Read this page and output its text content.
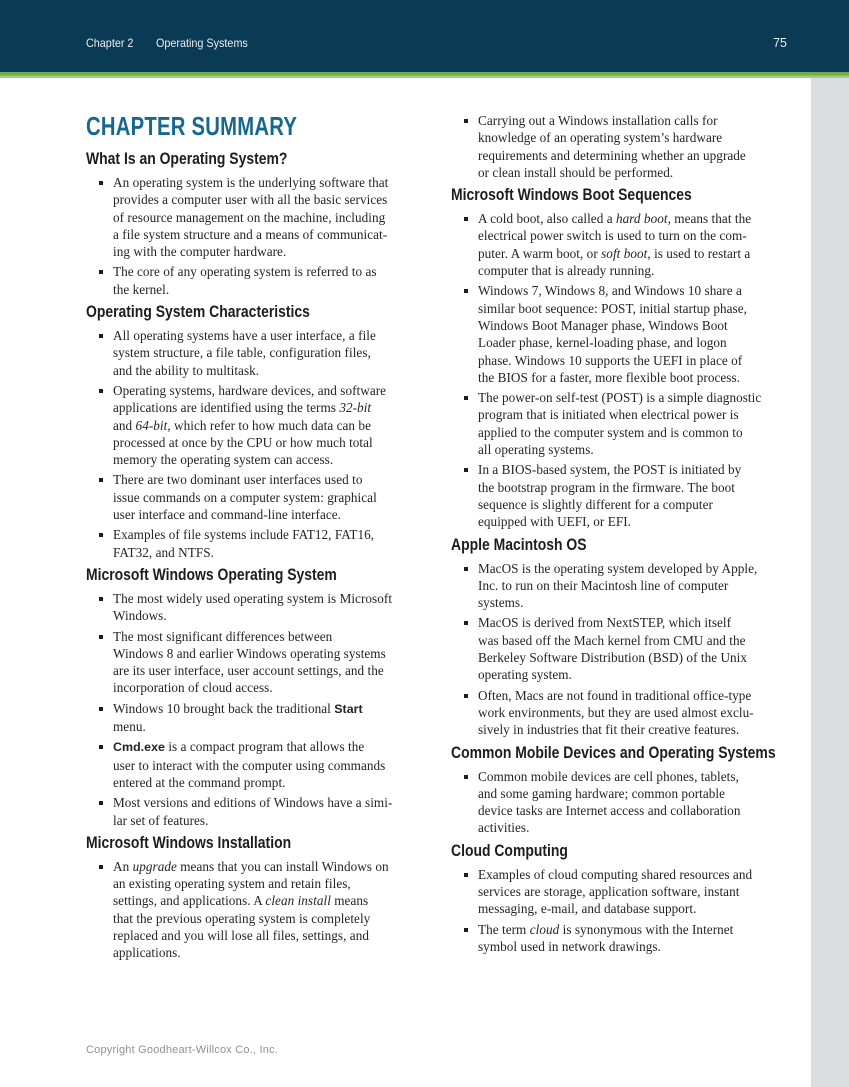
Chapter 2 Operating Systems	75
CHAPTER SUMMARY
What Is an Operating System?
An operating system is the underlying software that
provides a computer user with all the basic services
of resource management on the machine, including
a file system structure and a means of communicat-
ing with the computer hardware.
The core of any operating system is referred to as
the kernel.
Operating System Characteristics
All operating systems have a user interface, a file
system structure, a file table, configuration files,
and the ability to multitask.
Operating systems, hardware devices, and software
applications are identified using the terms 32-bit
and 64-bit, which refer to how much data can be
processed at once by the CPU or how much total
memory the operating system can access.
There are two dominant user interfaces used to
issue commands on a computer system: graphical
user interface and command-line interface.
Examples of file systems include FAT12, FAT16,
FAT32, and NTFS.
Microsoft Windows Operating System
The most widely used operating system is Microsoft
Windows.
The most significant differences between
Windows 8 and earlier Windows operating systems
are its user interface, user account settings, and the
incorporation of cloud access.
Windows 10 brought back the traditional Start
menu.
Cmd.exe is a compact program that allows the
user to interact with the computer using commands
entered at the command prompt.
Most versions and editions of Windows have a simi-
lar set of features.
Microsoft Windows Installation
An upgrade means that you can install Windows on
an existing operating system and retain files,
settings, and applications. A clean install means
that the previous operating system is completely
replaced and you will lose all files, settings, and
applications.
Carrying out a Windows installation calls for
knowledge of an operating system’s hardware
requirements and determining whether an upgrade
or clean install should be performed.
Microsoft Windows Boot Sequences
A cold boot, also called a hard boot, means that the
electrical power switch is used to turn on the com-
puter. A warm boot, or soft boot, is used to restart a
computer that is already running.
Windows 7, Windows 8, and Windows 10 share a
similar boot sequence: POST, initial startup phase,
Windows Boot Manager phase, Windows Boot
Loader phase, kernel-loading phase, and logon
phase. Windows 10 supports the UEFI in place of
the BIOS for a faster, more flexible boot process.
The power-on self-test (POST) is a simple diagnostic
program that is initiated when electrical power is
applied to the computer system and is common to
all operating systems.
In a BIOS-based system, the POST is initiated by
the bootstrap program in the firmware. The boot
sequence is slightly different for a computer
equipped with UEFI, or EFI.
Apple Macintosh OS
MacOS is the operating system developed by Apple,
Inc. to run on their Macintosh line of computer
systems.
MacOS is derived from NextSTEP, which itself
was based off the Mach kernel from CMU and the
Berkeley Software Distribution (BSD) of the Unix
operating system.
Often, Macs are not found in traditional office-type
work environments, but they are used almost exclu-
sively in industries that fit their creative features.
Common Mobile Devices and Operating Systems
Common mobile devices are cell phones, tablets,
and some gaming hardware; common portable
device tasks are Internet access and collaboration
activities.
Cloud Computing
Examples of cloud computing shared resources and
services are storage, application software, instant
messaging, e-mail, and database support.
The term cloud is synonymous with the Internet
symbol used in network drawings.
Copyright Goodheart-Willcox Co., Inc.
